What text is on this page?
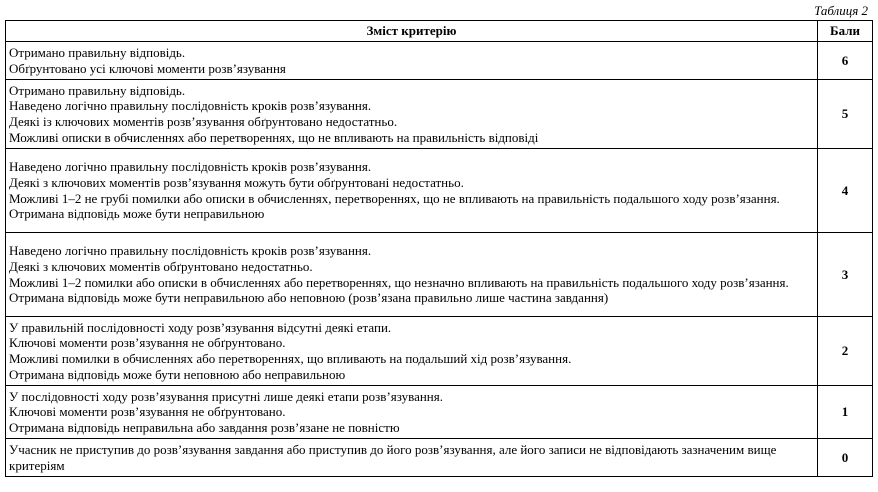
Таблиця 2
Зміст критерію	Бали

Отримано правильну відповідь.
Обґрунтовано усі ключові моменти розв’язування	6

Отримано правильну відповідь.
Наведено логічно правильну послідовність кроків розв’язування.
Деякі із ключових моментів розв’язування обґрунтовано недостатньо.
Можливі описки в обчисленнях або перетвореннях, що не впливають на правильність відповіді	5

Наведено логічно правильну послідовність кроків розв’язування.
Деякі з ключових моментів розв’язування можуть бути обґрунтовані недостатньо.
Можливі 1–2 не грубі помилки або описки в обчисленнях, перетвореннях, що не впливають на правильність подальшого ходу розв’язання.
Отримана відповідь може бути неправильною	4

Наведено логічно правильну послідовність кроків розв’язування.
Деякі з ключових моментів обґрунтовано недостатньо.
Можливі 1–2 помилки або описки в обчисленнях або перетвореннях, що незначно впливають на правильність подальшого ходу розв’язання.
Отримана відповідь може бути неправильною або неповною (розв’язана правильно лише частина завдання)	3

У правильній послідовності ходу розв’язування відсутні деякі етапи.
Ключові моменти розв’язування не обґрунтовано.
Можливі помилки в обчисленнях або перетвореннях, що впливають на подальший хід розв’язування.
Отримана відповідь може бути неповною або неправильною	2

У послідовності ходу розв’язування присутні лише деякі етапи розв’язування.
Ключові моменти розв’язування не обґрунтовано.
Отримана відповідь неправильна або завдання розв’язане не повністю	1

Учасник не приступив до розв’язування завдання або приступив до його розв’язування, але його записи не відповідають зазначеним вище критеріям	0
